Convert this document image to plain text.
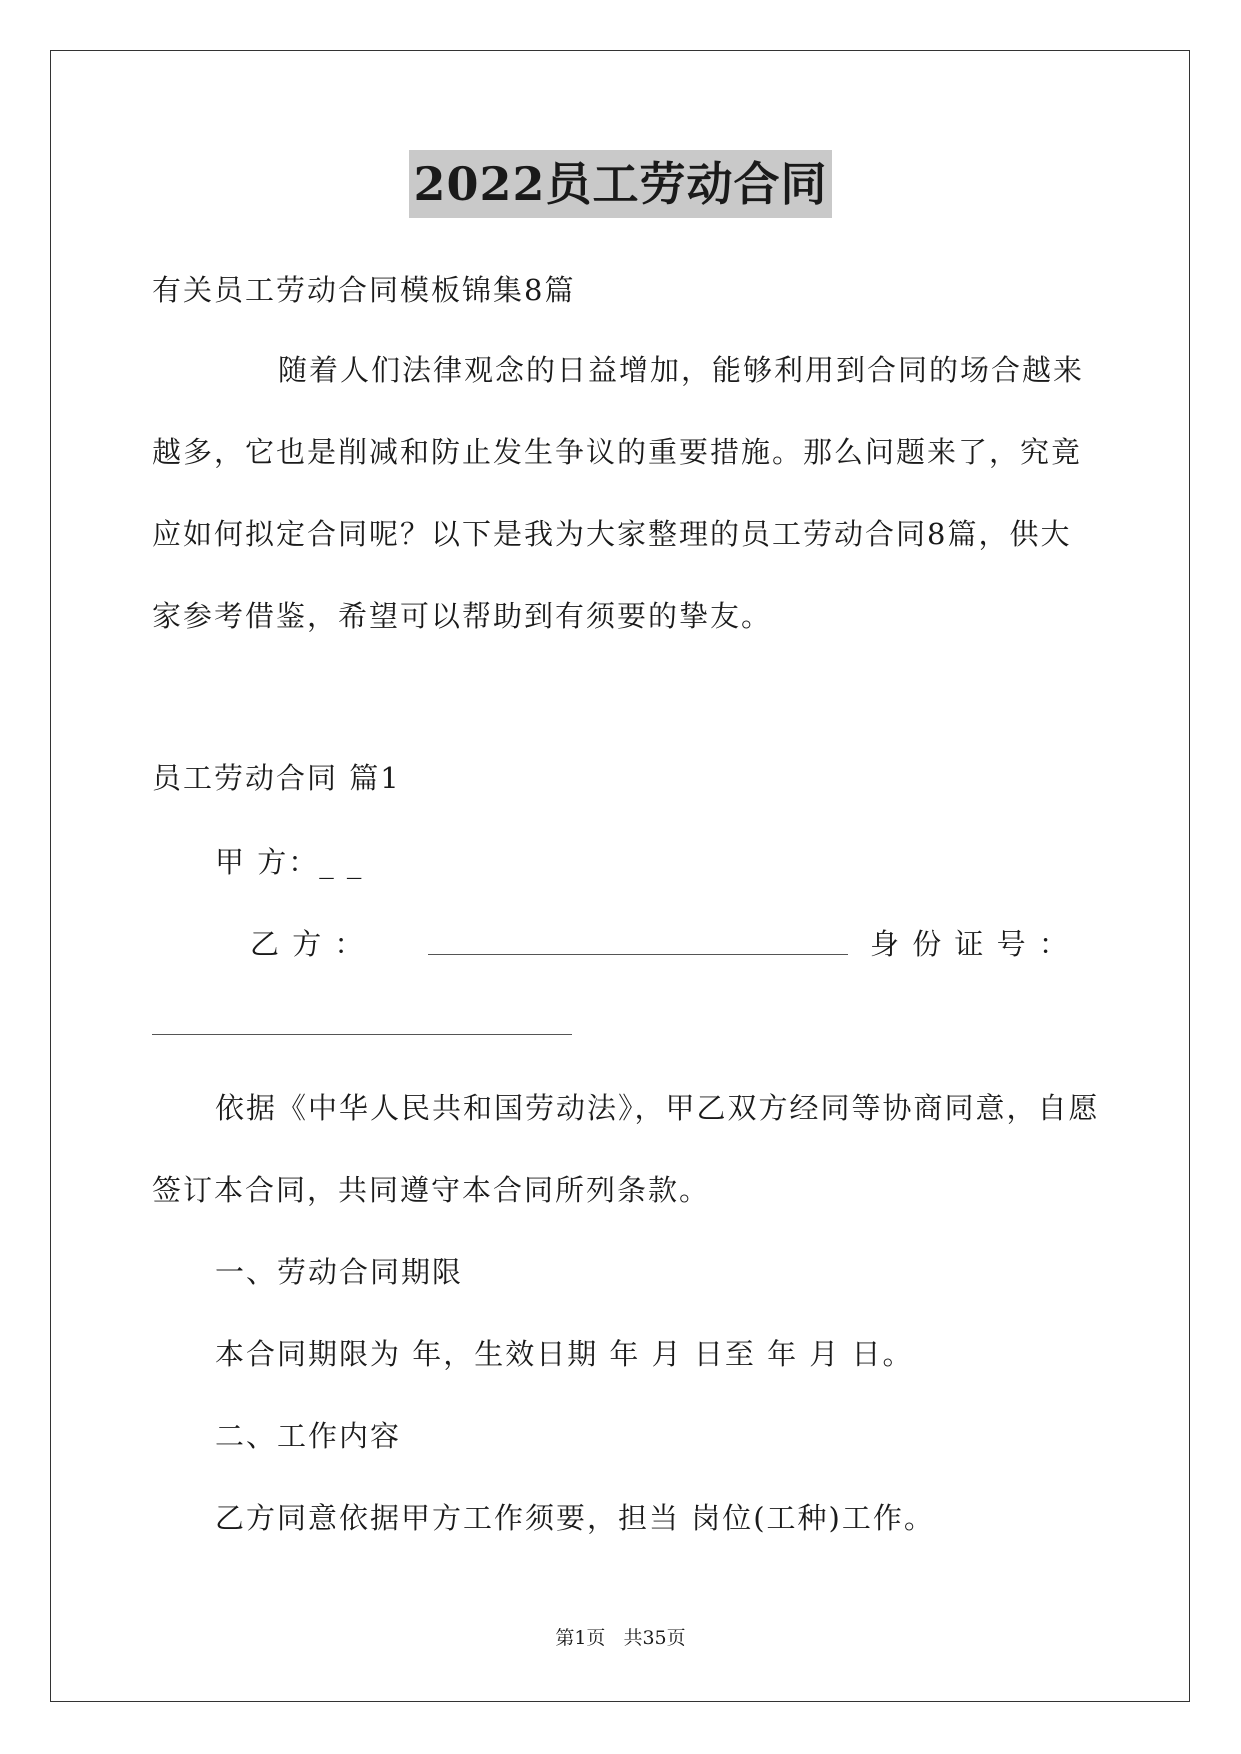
2022员工劳动合同
有关员工劳动合同模板锦集8篇
随着人们法律观念的日益增加，能够利用到合同的场合越来
越多，它也是削减和防止发生争议的重要措施。那么问题来了，究竟
应如何拟定合同呢？以下是我为大家整理的员工劳动合同8篇，供大
家参考借鉴，希望可以帮助到有须要的挚友。
员工劳动合同 篇1
甲 方：_ _
乙 方 ：	身 份 证 号 ：
依据《中华人民共和国劳动法》，甲乙双方经同等协商同意，自愿
签订本合同，共同遵守本合同所列条款。
一、劳动合同期限
本合同期限为 年，生效日期 年 月 日至 年 月 日。
二、工作内容
乙方同意依据甲方工作须要，担当 岗位(工种)工作。
第1页 共35页
